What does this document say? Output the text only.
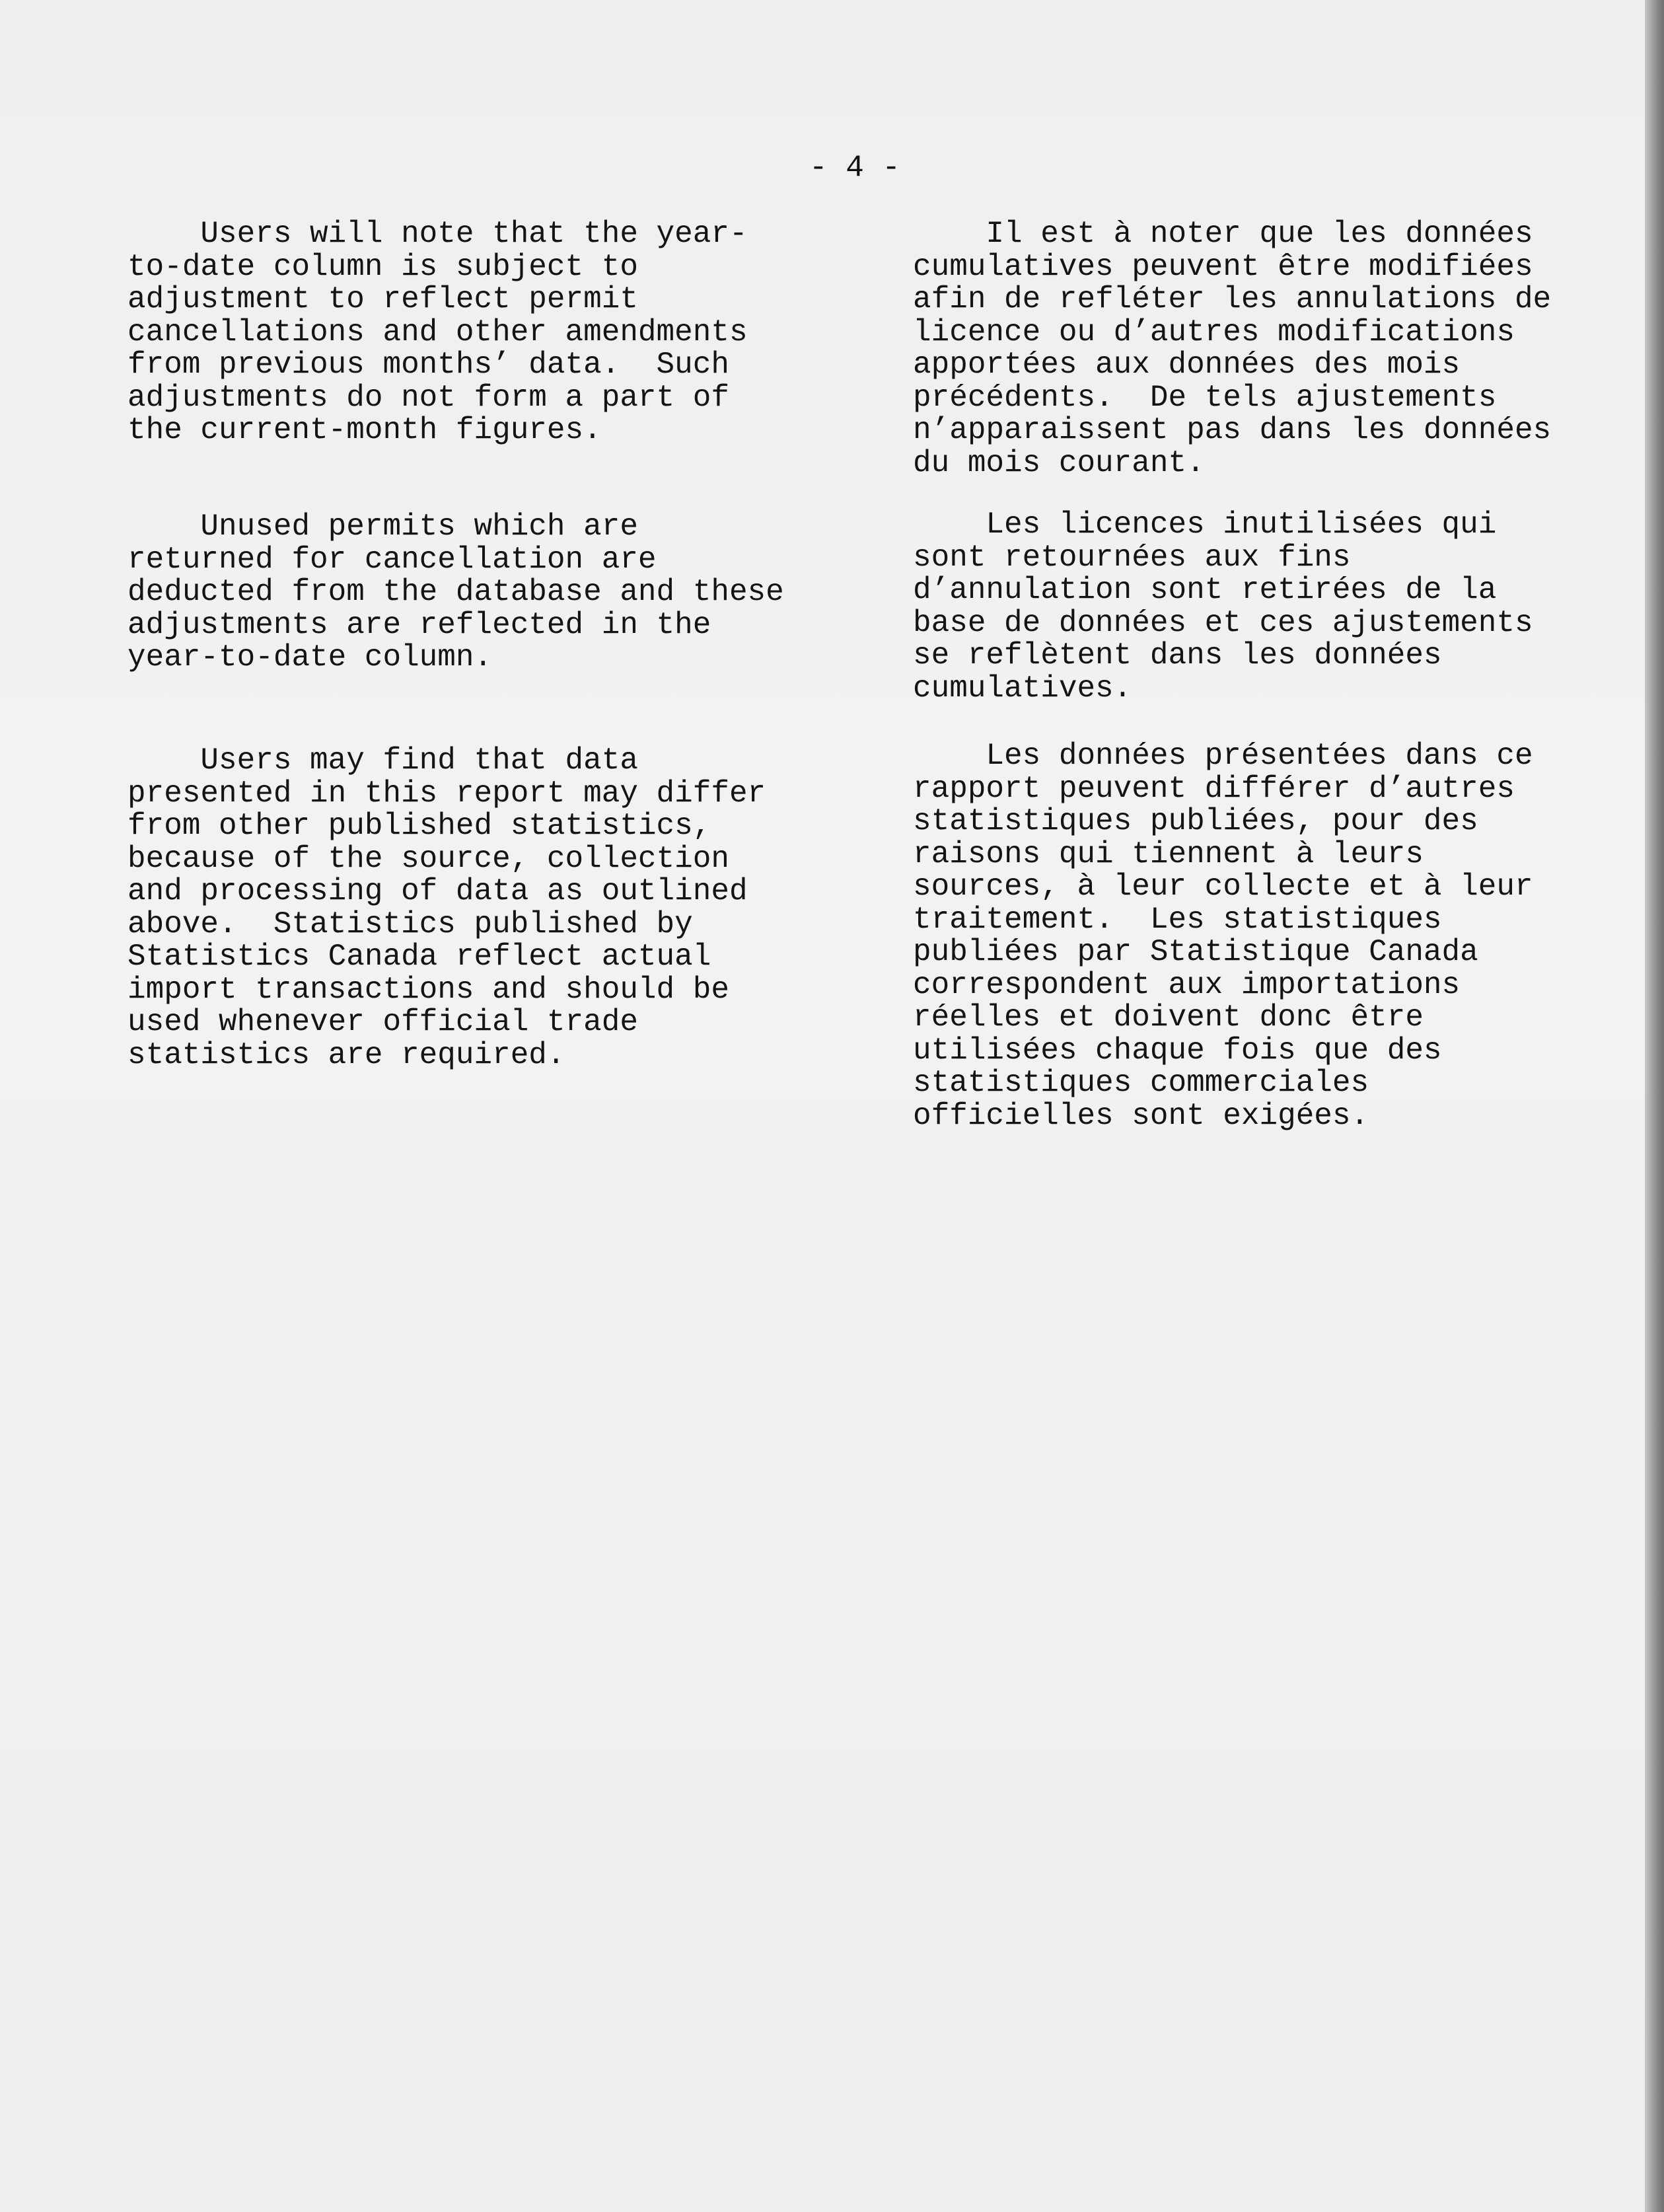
- 4 -
Users will note that the year-
to-date column is subject to
adjustment to reflect permit
cancellations and other amendments
from previous months’ data.  Such
adjustments do not form a part of
the current-month figures.
Unused permits which are
returned for cancellation are
deducted from the database and these
adjustments are reflected in the
year-to-date column.
Users may find that data
presented in this report may differ
from other published statistics,
because of the source, collection
and processing of data as outlined
above.  Statistics published by
Statistics Canada reflect actual
import transactions and should be
used whenever official trade
statistics are required.
Il est à noter que les données
cumulatives peuvent être modifiées
afin de refléter les annulations de
licence ou d’autres modifications
apportées aux données des mois
précédents.  De tels ajustements
n’apparaissent pas dans les données
du mois courant.
Les licences inutilisées qui
sont retournées aux fins
d’annulation sont retirées de la
base de données et ces ajustements
se reflètent dans les données
cumulatives.
Les données présentées dans ce
rapport peuvent différer d’autres
statistiques publiées, pour des
raisons qui tiennent à leurs
sources, à leur collecte et à leur
traitement.  Les statistiques
publiées par Statistique Canada
correspondent aux importations
réelles et doivent donc être
utilisées chaque fois que des
statistiques commerciales
officielles sont exigées.
